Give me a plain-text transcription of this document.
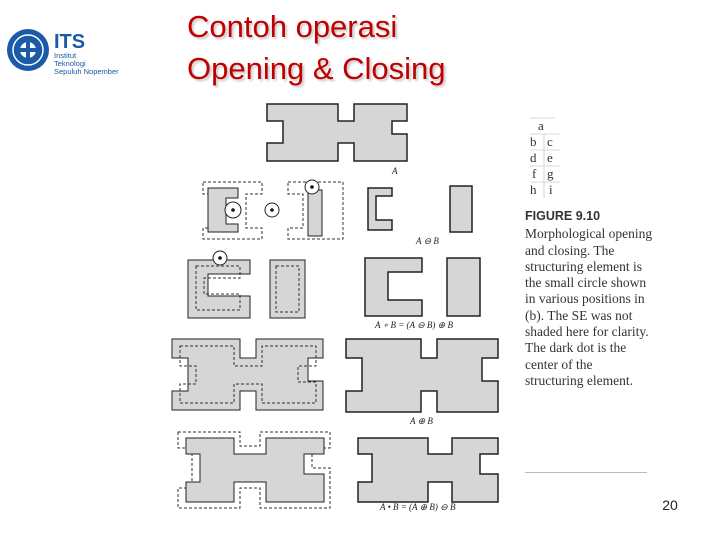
ITS
Institut
Teknologi
Sepuluh Nopember
Contoh operasi
Opening & Closing
A
A ⊖ B
A ∘ B = (A ⊖ B) ⊕ B
A ⊕ B
A • B = (A ⊕ B) ⊖ B
a
b c
d e
f g
h i
FIGURE 9.10
Morphological opening and closing. The structuring element is the small circle shown in various positions in (b). The SE was not shaded here for clarity. The dark dot is the center of the structuring element.
20
